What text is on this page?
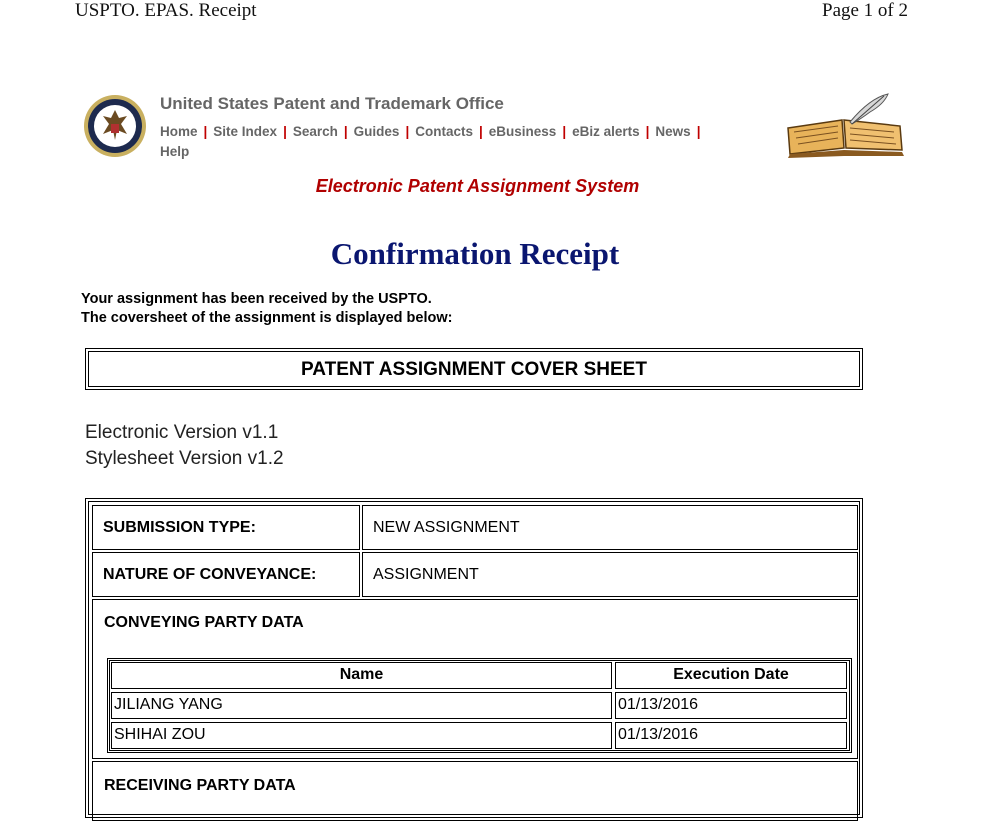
USPTO. EPAS. Receipt	Page 1 of 2
United States Patent and Trademark Office
Home | Site Index | Search | Guides | Contacts | eBusiness | eBiz alerts | News |
Help
Electronic Patent Assignment System
Confirmation Receipt
Your assignment has been received by the USPTO.
The coversheet of the assignment is displayed below:
PATENT ASSIGNMENT COVER SHEET
Electronic Version v1.1
Stylesheet Version v1.2
SUBMISSION TYPE:	NEW ASSIGNMENT
NATURE OF CONVEYANCE:	ASSIGNMENT
CONVEYING PARTY DATA
Name	Execution Date
JILIANG YANG	01/13/2016
SHIHAI ZOU	01/13/2016
RECEIVING PARTY DATA
